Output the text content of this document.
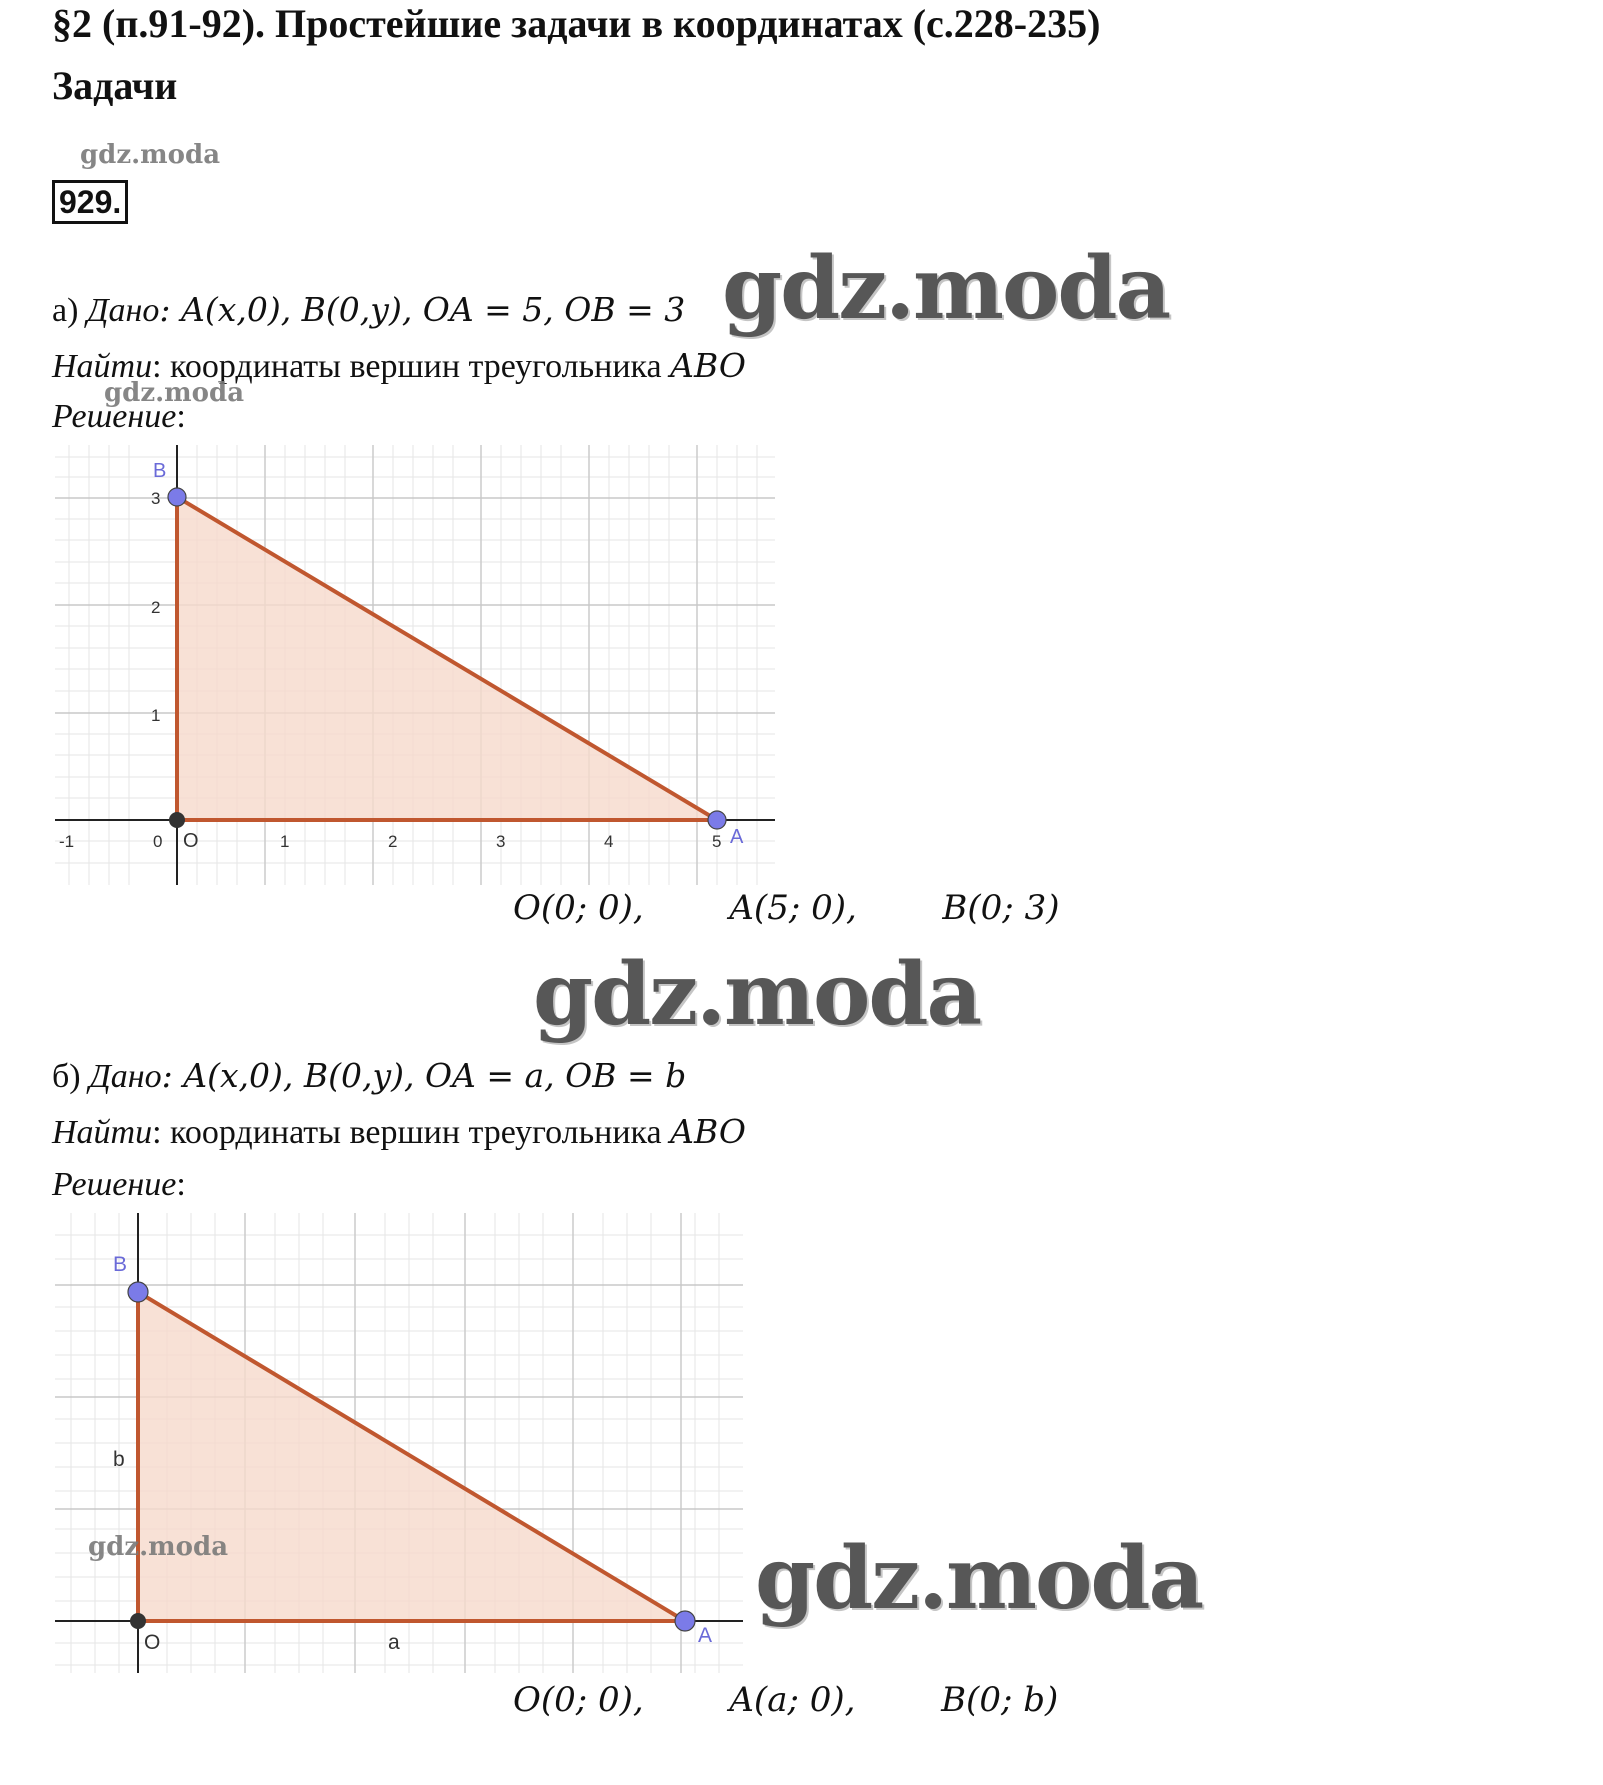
§2 (п.91-92). Простейшие задачи в координатах (с.228-235)
Задачи
gdz.moda
929.
а) Дано: A(x,0), B(0,y), OA = 5, OB = 3 gdz.moda
Найти: координаты вершин треугольника ABO
gdz.moda
Решение:
-1	0	1	2	3	4	5
1
2
3
B
O	A
O(0; 0),	A(5; 0),	B(0; 3)
gdz.moda
б) Дано: A(x,0), B(0,y), OA = a, OB = b
Найти: координаты вершин треугольника ABO
Решение:
B
O	A
b
a
gdz.moda	gdz.moda
O(0; 0),	A(a; 0),	B(0; b)
